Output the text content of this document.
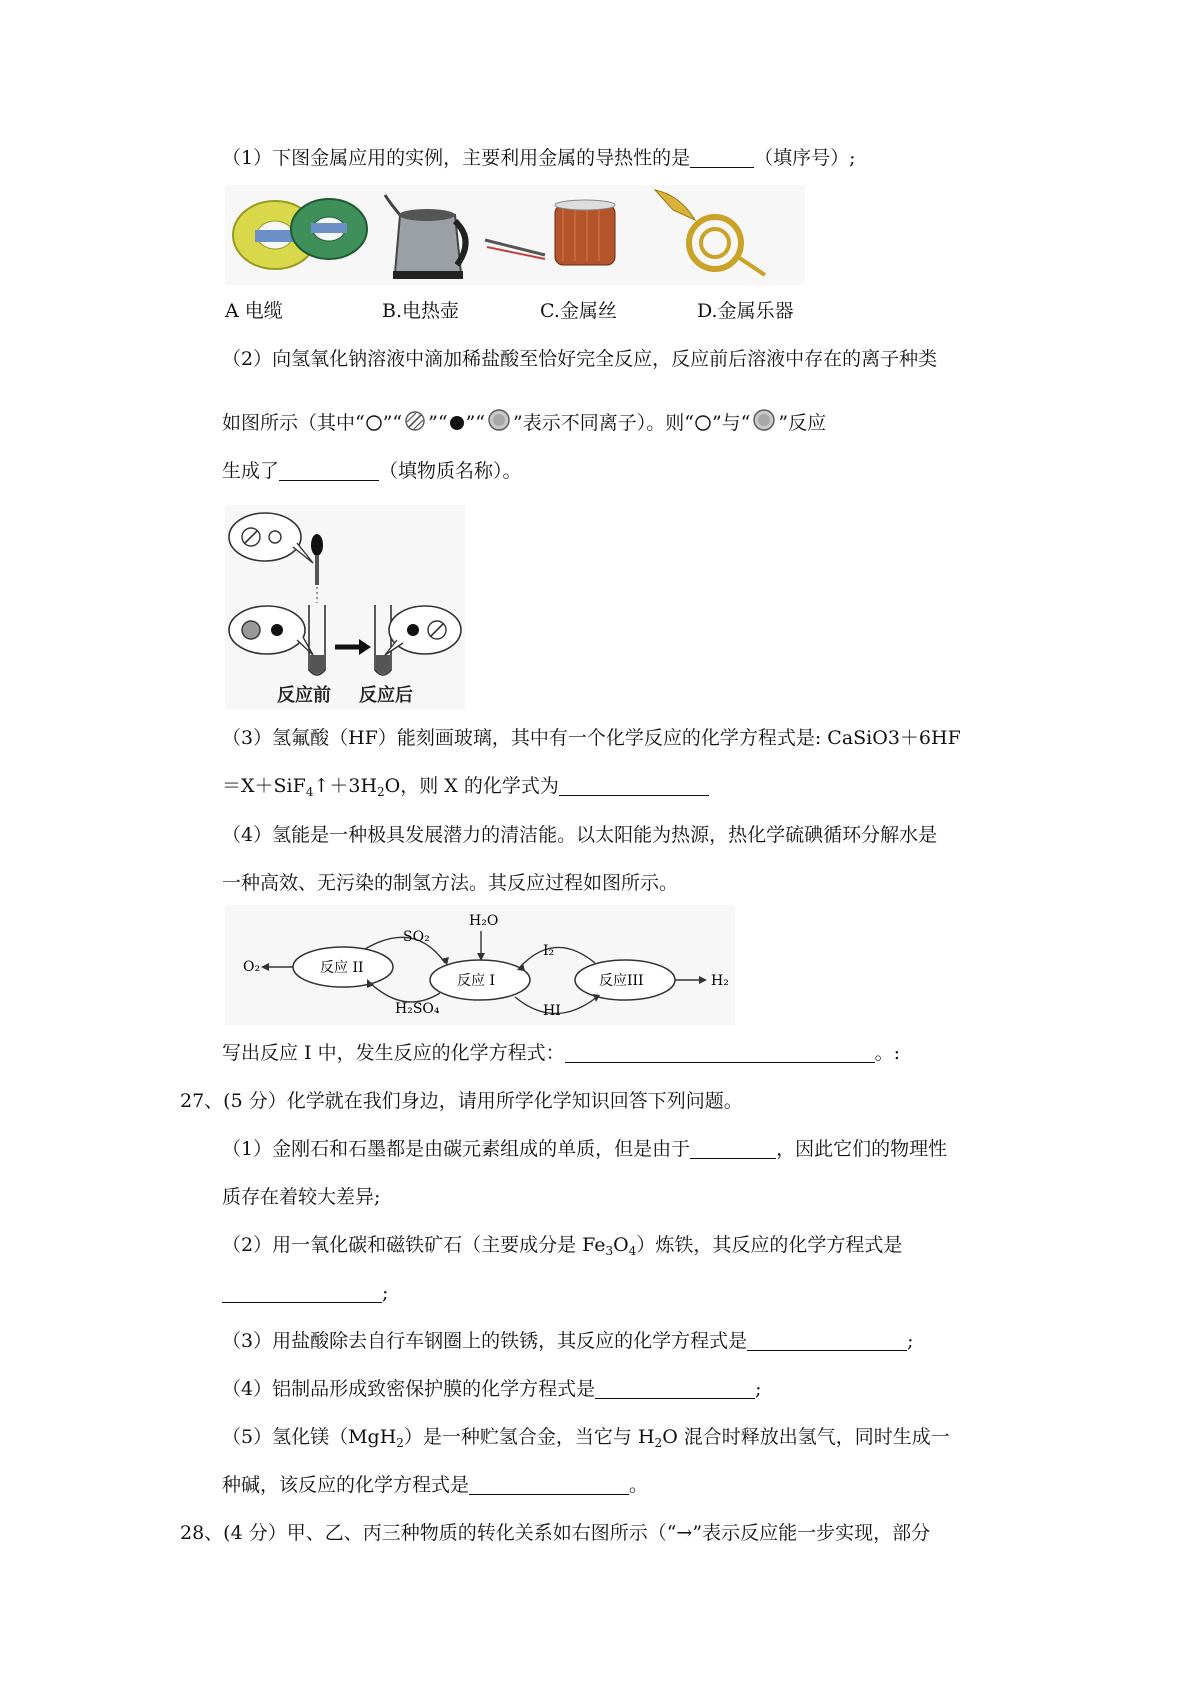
（1）下图金属应用的实例，主要利用金属的导热性的是	（填序号）;
A 电缆	B.电热壶	C.金属丝	D.金属乐器
（2）向氢氧化钠溶液中滴加稀盐酸至恰好完全反应，反应前后溶液中存在的离子种类
如图所示（其中“ ”“ ”“ ”“ ”表示不同离子）。则“ ”与“ ”反应
生成了	（填物质名称）。
反应前 反应后
（3）氢氟酸（HF）能刻画玻璃，其中有一个化学反应的化学方程式是: CaSiO3＋6HF
$=X+SiF_4↑+3H_2O$，则 X 的化学式为
（4）氢能是一种极具发展潜力的清洁能。以太阳能为热源，热化学硫碘循环分解水是
一种高效、无污染的制氢方法。其反应过程如图所示。
O₂	反应 II
反应 I	反应III	H₂
H₂O
SO₂
H₂SO₄
I₂
HI
写出反应 I 中，发生反应的化学方程式：	。:
27、(5 分）化学就在我们身边，请用所学化学知识回答下列问题。
（1）金刚石和石墨都是由碳元素组成的单质，但是由于	，因此它们的物理性
质存在着较大差异;
（2）用一氧化碳和磁铁矿石（主要成分是 $Fe_3O_4$）炼铁，其反应的化学方程式是
;
（3）用盐酸除去自行车钢圈上的铁锈，其反应的化学方程式是	;
（4）铝制品形成致密保护膜的化学方程式是	;
（5）氢化镁（MgH$_2$）是一种贮氢合金，当它与 $H_2O$ 混合时释放出氢气，同时生成一
种碱，该反应的化学方程式是	。
28、(4 分）甲、乙、丙三种物质的转化关系如右图所示（“→”表示反应能一步实现，部分
